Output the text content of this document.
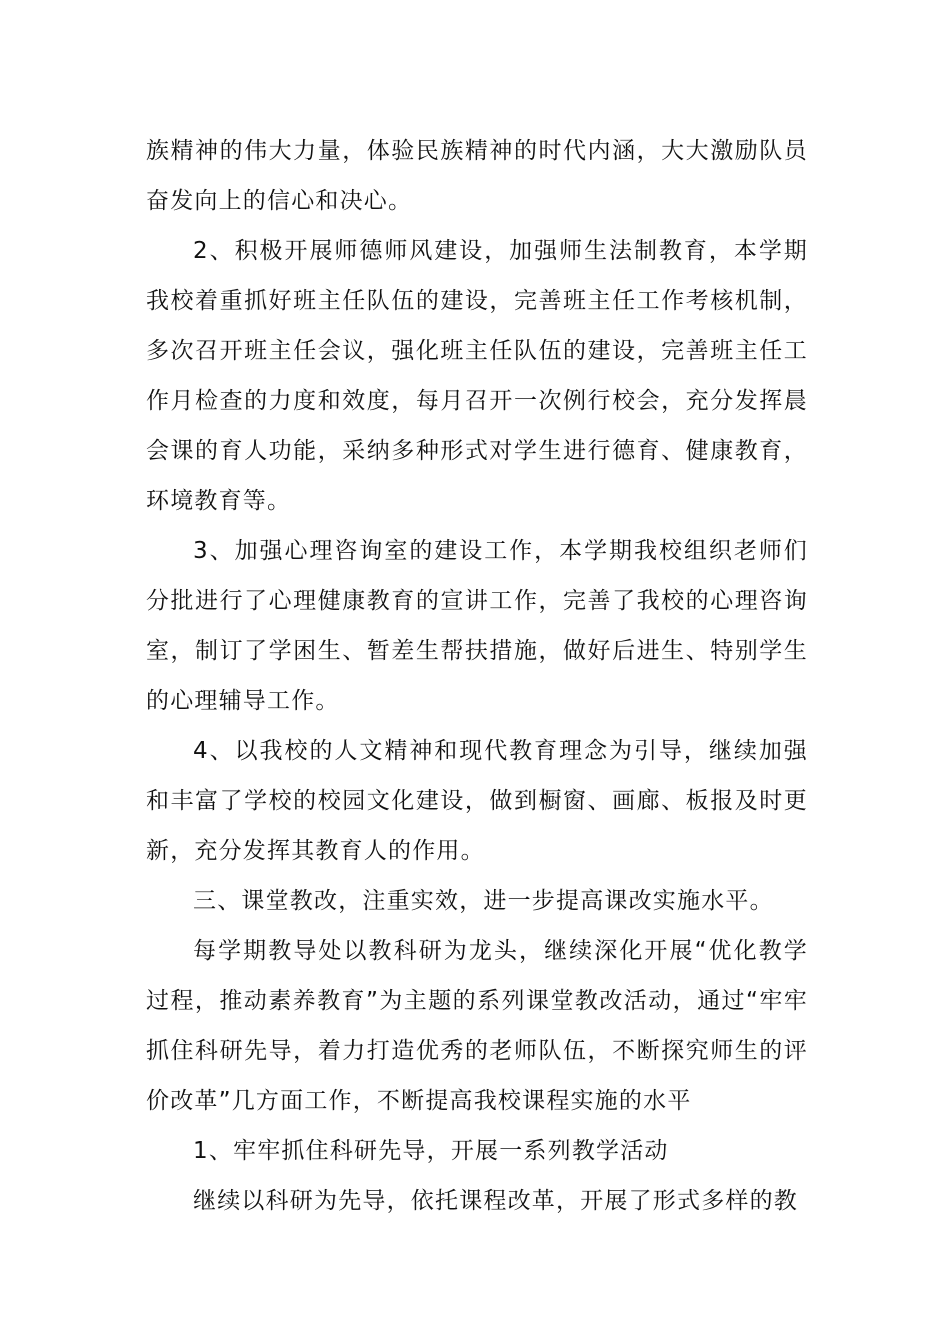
族精神的伟大力量，体验民族精神的时代内涵，大大激励队员奋发向上的信心和决心。

2、积极开展师德师风建设，加强师生法制教育，本学期我校着重抓好班主任队伍的建设，完善班主任工作考核机制，多次召开班主任会议，强化班主任队伍的建设，完善班主任工作月检查的力度和效度，每月召开一次例行校会，充分发挥晨会课的育人功能，采纳多种形式对学生进行德育、健康教育，环境教育等。

3、加强心理咨询室的建设工作，本学期我校组织老师们分批进行了心理健康教育的宣讲工作，完善了我校的心理咨询室，制订了学困生、暂差生帮扶措施，做好后进生、特别学生的心理辅导工作。

4、以我校的人文精神和现代教育理念为引导，继续加强和丰富了学校的校园文化建设，做到橱窗、画廊、板报及时更新，充分发挥其教育人的作用。

三、课堂教改，注重实效，进一步提高课改实施水平。

每学期教导处以教科研为龙头，继续深化开展“优化教学过程，推动素养教育”为主题的系列课堂教改活动，通过“牢牢抓住科研先导，着力打造优秀的老师队伍，不断探究师生的评价改革”几方面工作，不断提高我校课程实施的水平

1、牢牢抓住科研先导，开展一系列教学活动

继续以科研为先导，依托课程改革，开展了形式多样的教
